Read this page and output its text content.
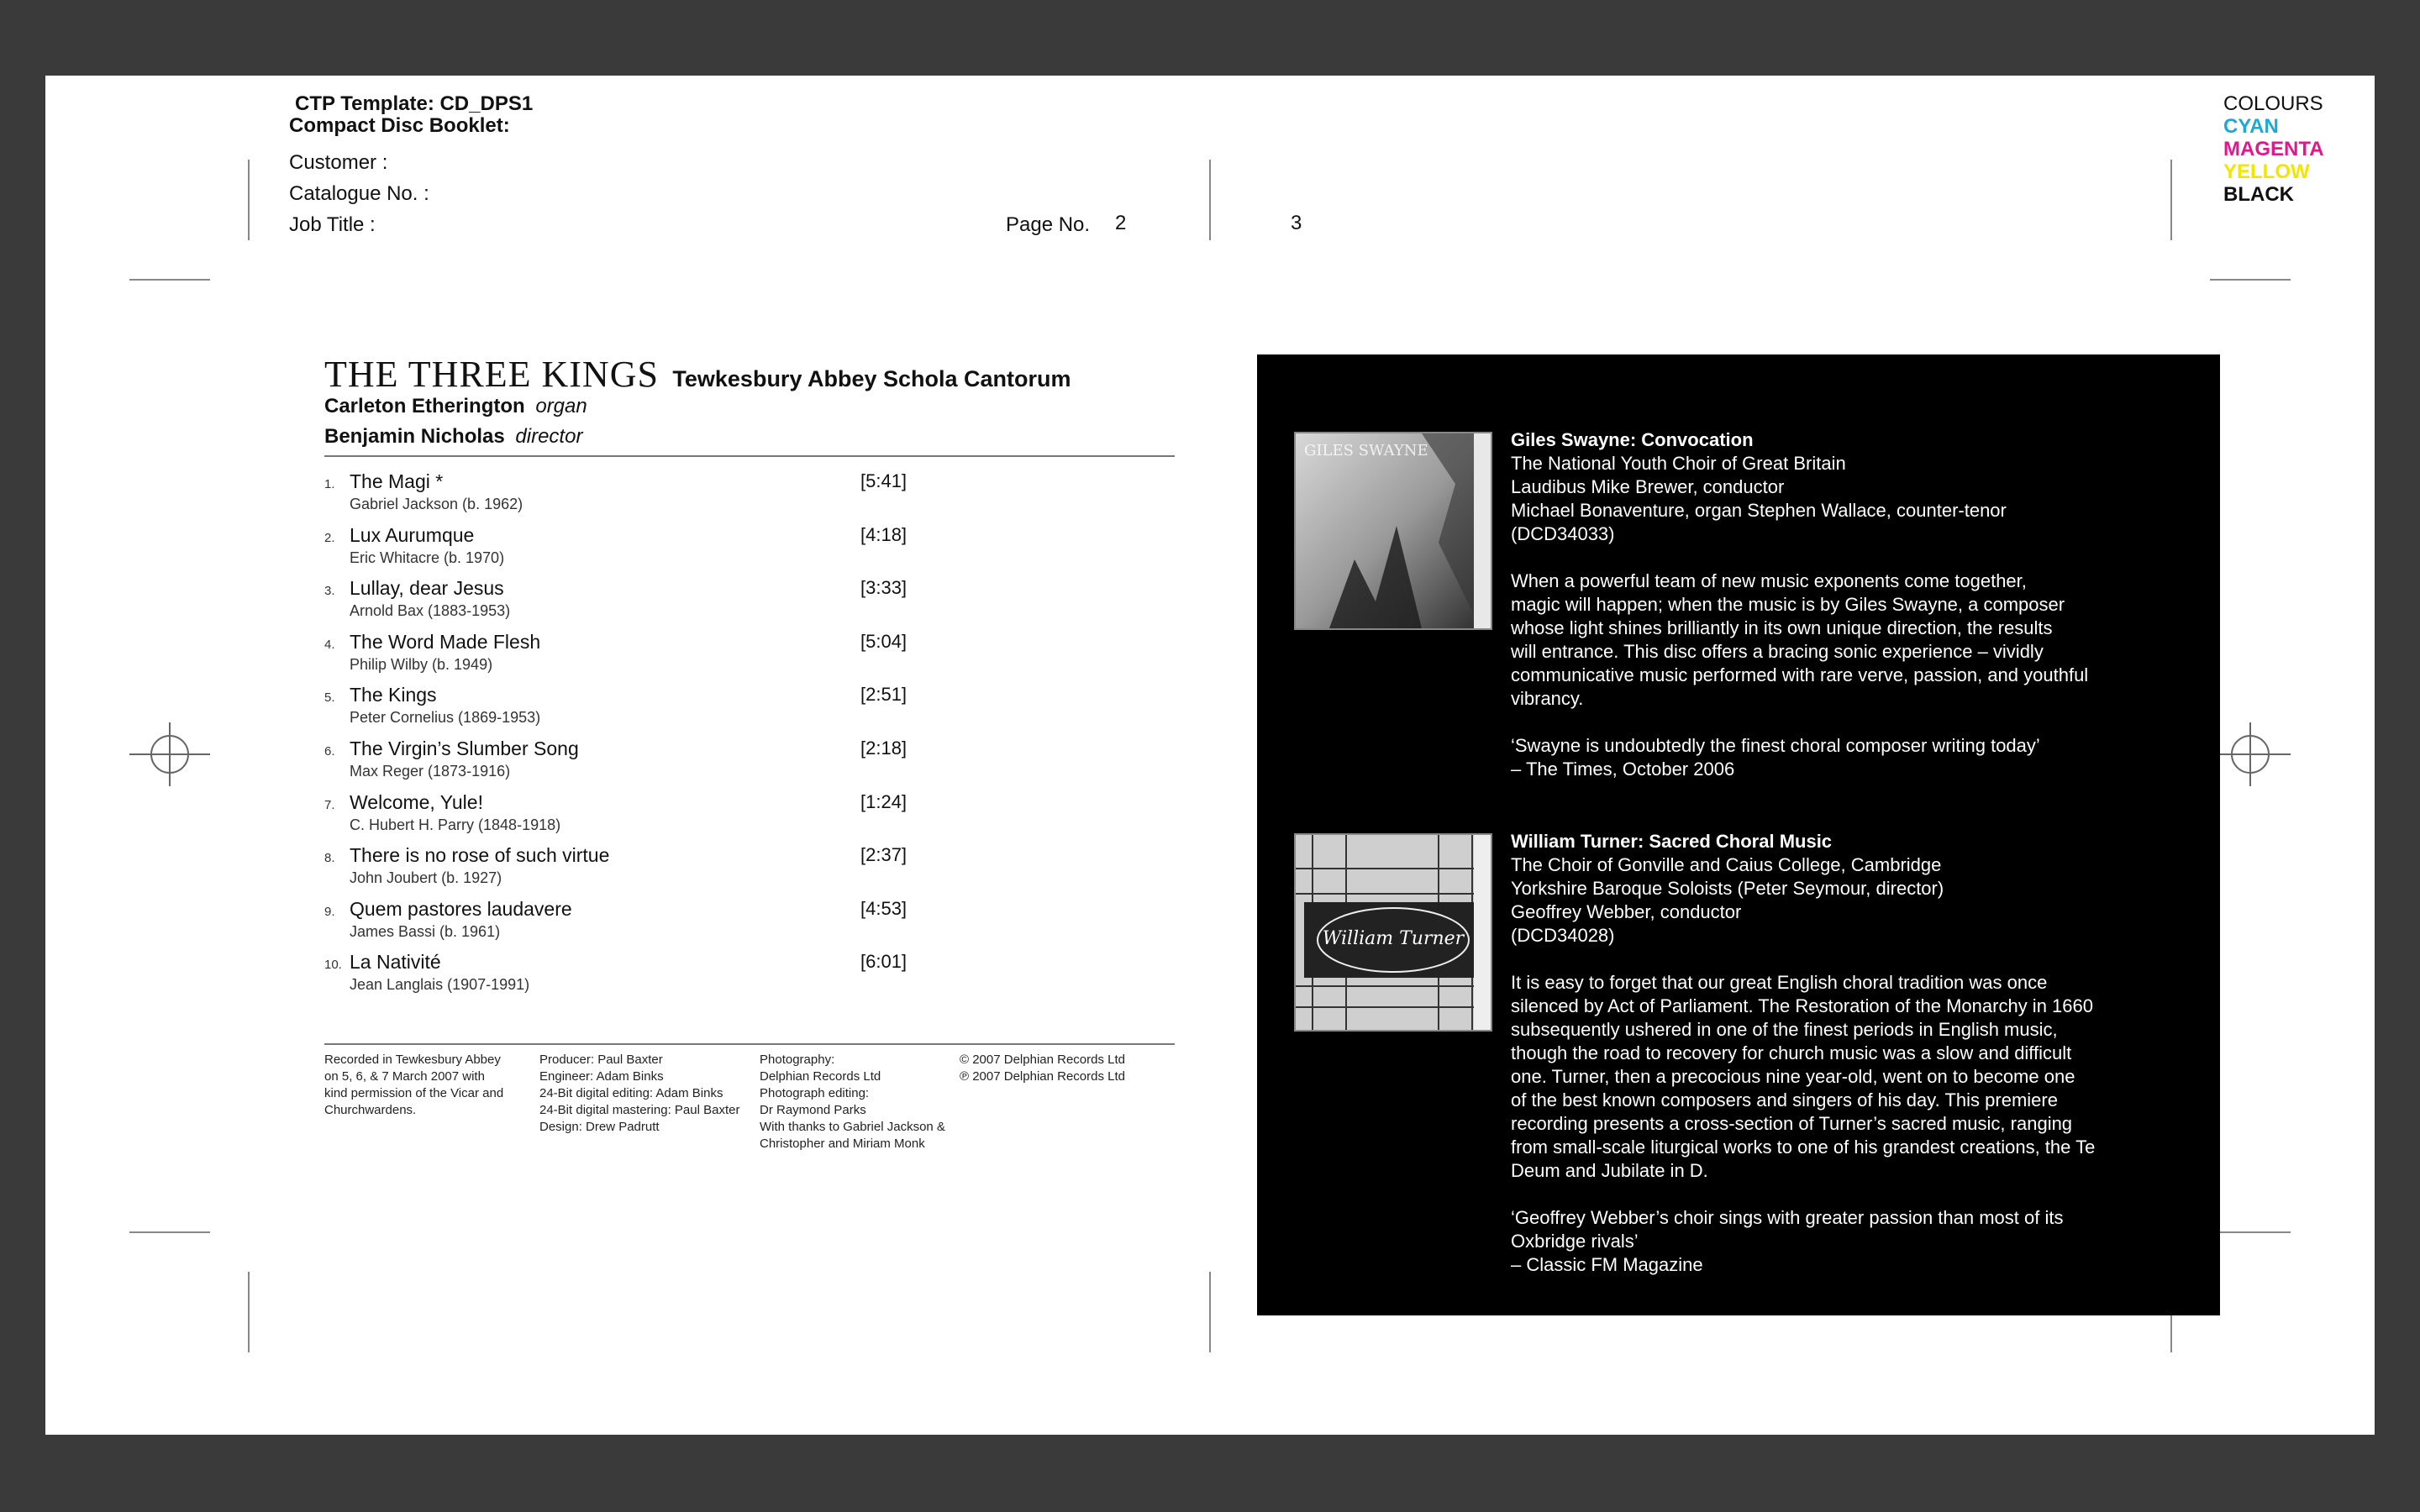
CTP Template: CD_DPS1
Compact Disc Booklet:
Customer :
Catalogue No. :
Job Title :	Page No. 2	3
COLOURS
CYAN
MAGENTA
YELLOW
BLACK
THE THREE KINGS Tewkesbury Abbey Schola Cantorum
Carleton Etherington organ
Benjamin Nicholas director
1. The Magi *
Gabriel Jackson (b. 1962)
[5:41]
2. Lux Aurumque
Eric Whitacre (b. 1970)
[4:18]
3. Lullay, dear Jesus
Arnold Bax (1883-1953)
[3:33]
4. The Word Made Flesh
Philip Wilby (b. 1949)
[5:04]
5. The Kings
Peter Cornelius (1869-1953)
[2:51]
6. The Virgin’s Slumber Song
Max Reger (1873-1916)
[2:18]
7. Welcome, Yule!
C. Hubert H. Parry (1848-1918)
[1:24]
8. There is no rose of such virtue
John Joubert (b. 1927)
[2:37]
9. Quem pastores laudavere
James Bassi (b. 1961)
[4:53]
10. La Nativité
Jean Langlais (1907-1991)
[6:01]
Recorded in Tewkesbury Abbey
on 5, 6, & 7 March 2007 with
kind permission of the Vicar and
Churchwardens.
Producer: Paul Baxter
Engineer: Adam Binks
24-Bit digital editing: Adam Binks
24-Bit digital mastering: Paul Baxter
Design: Drew Padrutt
Photography:
Delphian Records Ltd
Photograph editing:
Dr Raymond Parks
With thanks to Gabriel Jackson &
Christopher and Miriam Monk
© 2007 Delphian Records Ltd
℗ 2007 Delphian Records Ltd
GILES SWAYNE
Giles Swayne: Convocation
The National Youth Choir of Great Britain
Laudibus Mike Brewer, conductor
Michael Bonaventure, organ Stephen Wallace, counter-tenor
(DCD34033)
When a powerful team of new music exponents come together,
magic will happen; when the music is by Giles Swayne, a composer
whose light shines brilliantly in its own unique direction, the results
will entrance. This disc offers a bracing sonic experience – vividly
communicative music performed with rare verve, passion, and youthful
vibrancy.
‘Swayne is undoubtedly the finest choral composer writing today’
– The Times, October 2006
William Turner
William Turner: Sacred Choral Music
The Choir of Gonville and Caius College, Cambridge
Yorkshire Baroque Soloists (Peter Seymour, director)
Geoffrey Webber, conductor
(DCD34028)
It is easy to forget that our great English choral tradition was once
silenced by Act of Parliament. The Restoration of the Monarchy in 1660
subsequently ushered in one of the finest periods in English music,
though the road to recovery for church music was a slow and difficult
one. Turner, then a precocious nine year-old, went on to become one
of the best known composers and singers of his day. This premiere
recording presents a cross-section of Turner’s sacred music, ranging
from small-scale liturgical works to one of his grandest creations, the Te
Deum and Jubilate in D.
‘Geoffrey Webber’s choir sings with greater passion than most of its
Oxbridge rivals’
– Classic FM Magazine
